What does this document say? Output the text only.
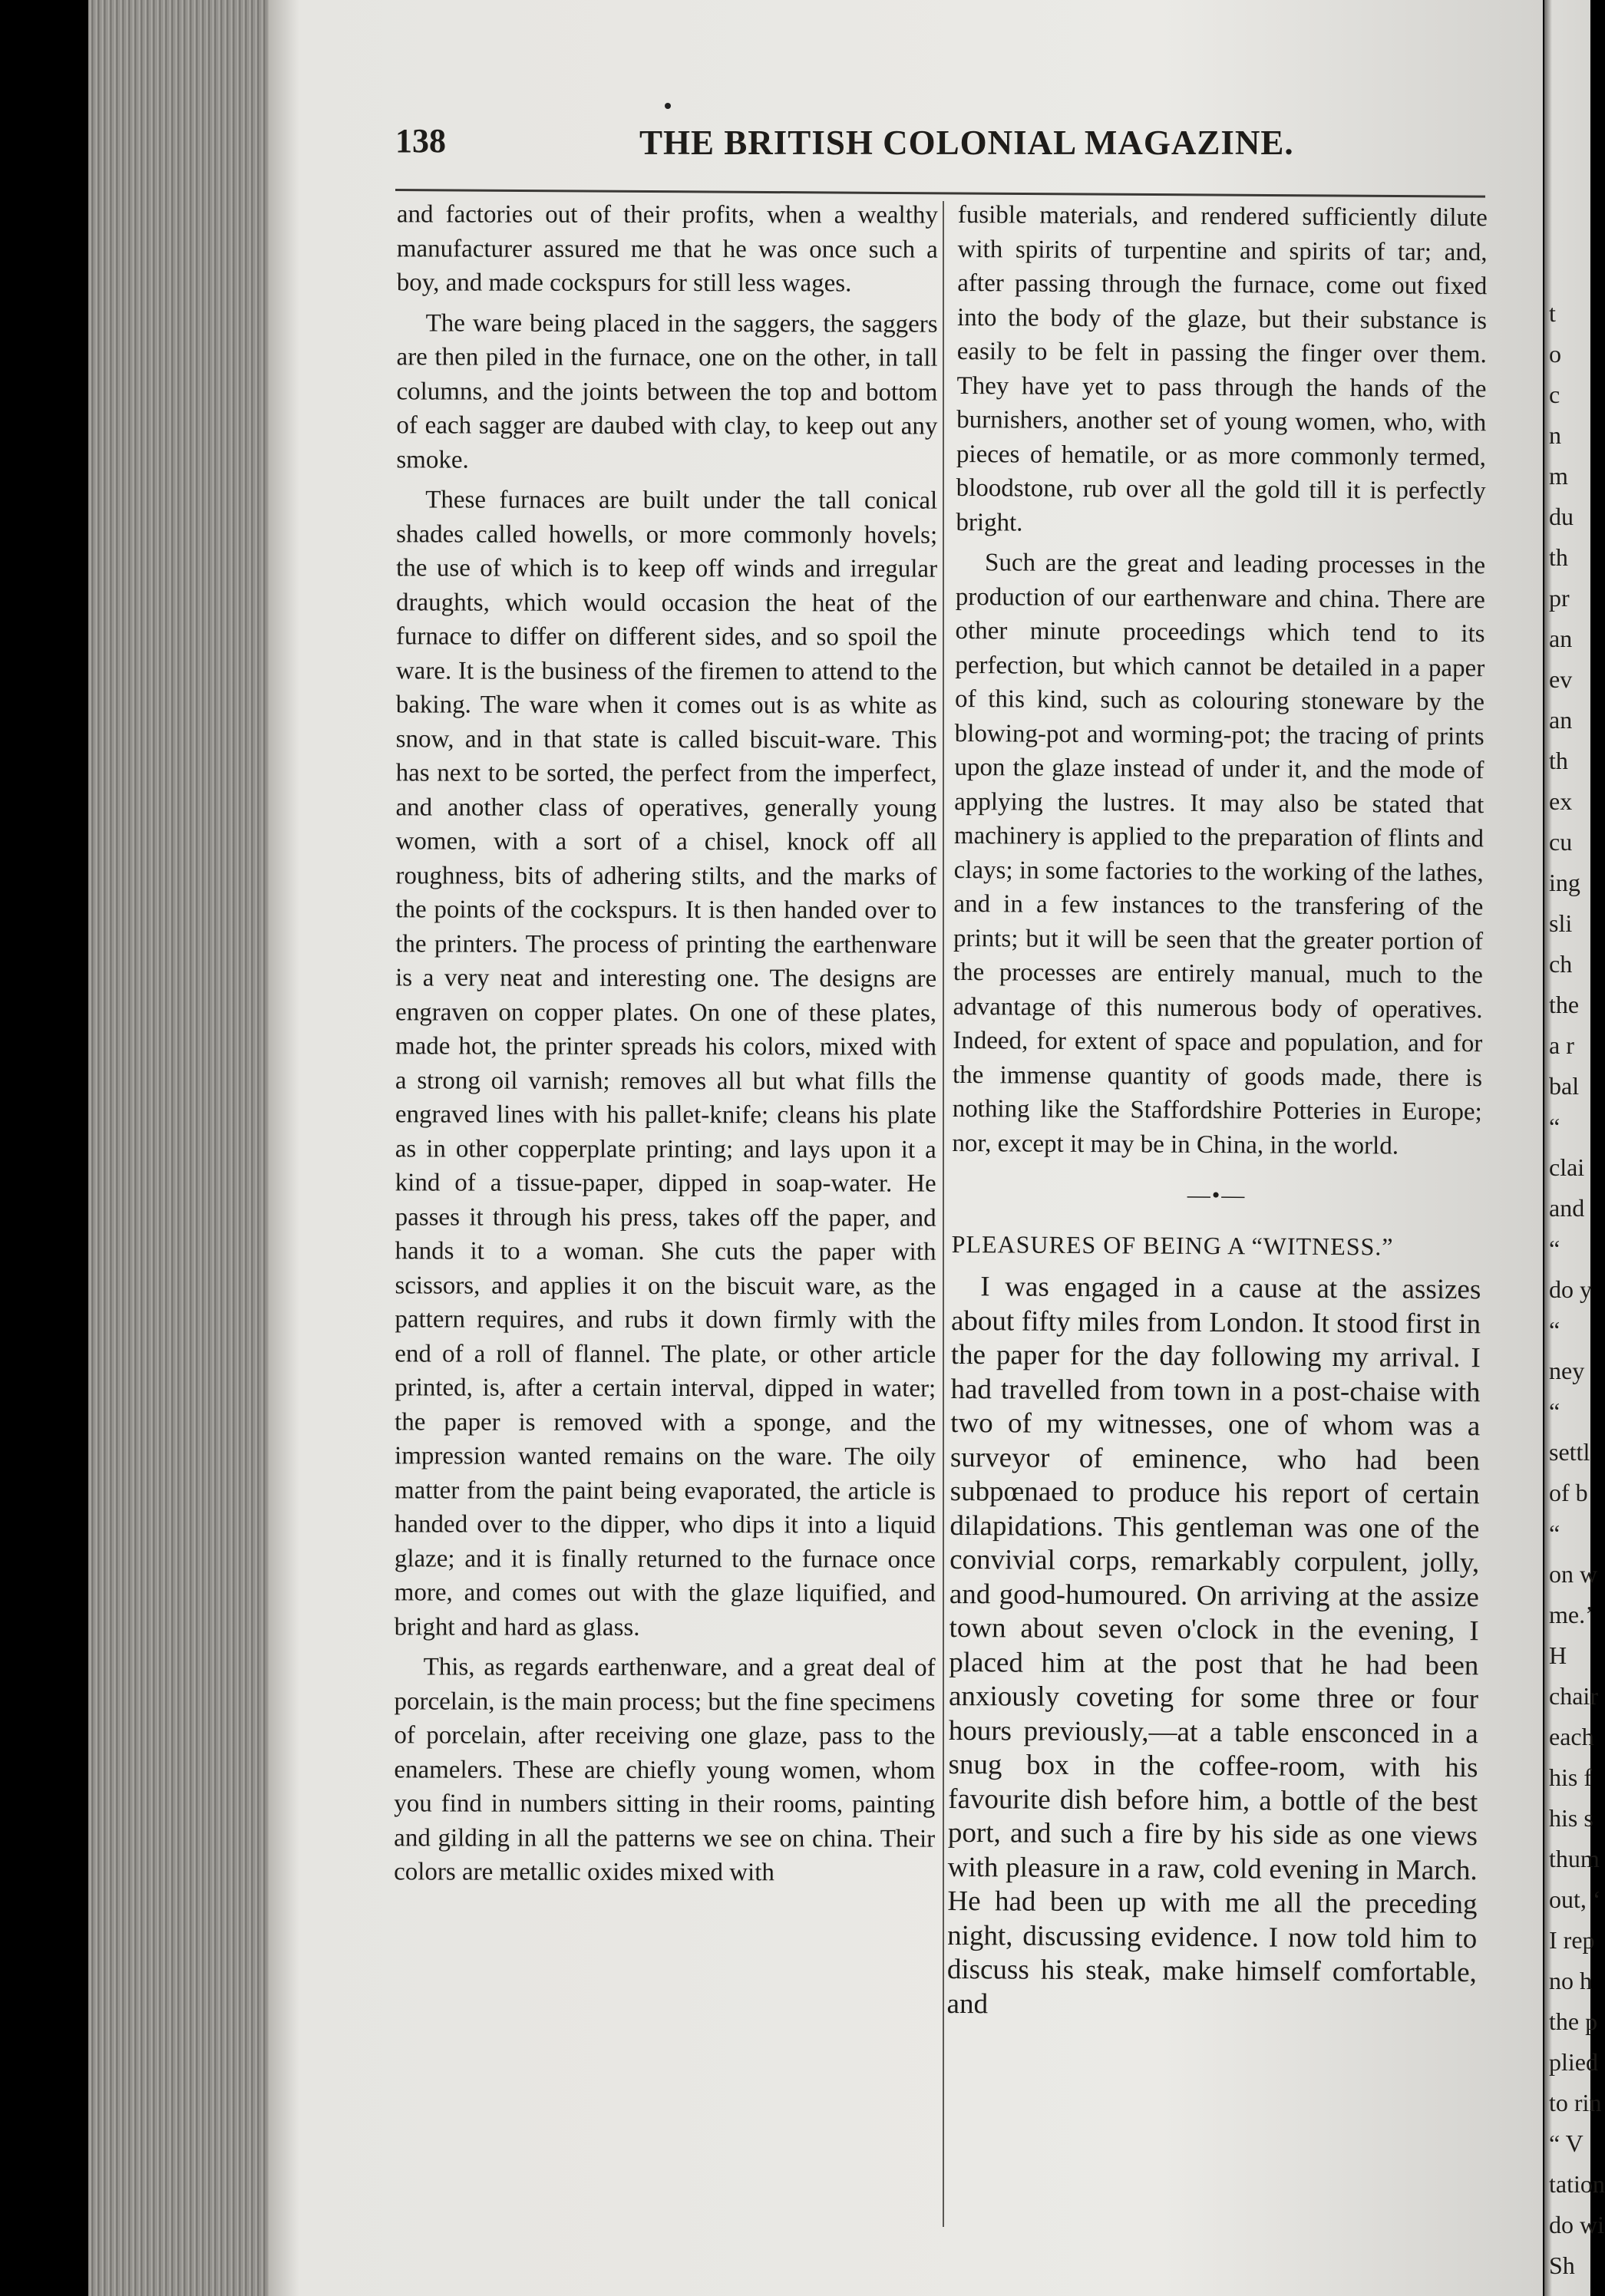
138	THE BRITISH COLONIAL MAGAZINE.

and factories out of their profits, when a wealthy manufacturer assured me that he was once such a boy, and made cockspurs for still less wages.

The ware being placed in the saggers, the saggers are then piled in the furnace, one on the other, in tall columns, and the joints between the top and bottom of each sagger are daubed with clay, to keep out any smoke.

These furnaces are built under the tall conical shades called howells, or more commonly hovels; the use of which is to keep off winds and irregular draughts, which would occasion the heat of the furnace to differ on different sides, and so spoil the ware. It is the business of the firemen to attend to the baking. The ware when it comes out is as white as snow, and in that state is called biscuit-ware. This has next to be sorted, the perfect from the imperfect, and another class of operatives, generally young women, with a sort of a chisel, knock off all roughness, bits of adhering stilts, and the marks of the points of the cockspurs. It is then handed over to the printers. The process of printing the earthenware is a very neat and interesting one. The designs are engraven on copper plates. On one of these plates, made hot, the printer spreads his colors, mixed with a strong oil varnish; removes all but what fills the engraved lines with his pallet-knife; cleans his plate as in other copperplate printing; and lays upon it a kind of a tissue-paper, dipped in soap-water. He passes it through his press, takes off the paper, and hands it to a woman. She cuts the paper with scissors, and applies it on the biscuit ware, as the pattern requires, and rubs it down firmly with the end of a roll of flannel. The plate, or other article printed, is, after a certain interval, dipped in water; the paper is removed with a sponge, and the impression wanted remains on the ware. The oily matter from the paint being evaporated, the article is handed over to the dipper, who dips it into a liquid glaze; and it is finally returned to the furnace once more, and comes out with the glaze liquified, and bright and hard as glass.

This, as regards earthenware, and a great deal of porcelain, is the main process; but the fine specimens of porcelain, after receiving one glaze, pass to the enamelers. These are chiefly young women, whom you find in numbers sitting in their rooms, painting and gilding in all the patterns we see on china. Their colors are metallic oxides mixed with

fusible materials, and rendered sufficiently dilute with spirits of turpentine and spirits of tar; and, after passing through the furnace, come out fixed into the body of the glaze, but their substance is easily to be felt in passing the finger over them. They have yet to pass through the hands of the burnishers, another set of young women, who, with pieces of hematile, or as more commonly termed, bloodstone, rub over all the gold till it is perfectly bright.

Such are the great and leading processes in the production of our earthenware and china. There are other minute proceedings which tend to its perfection, but which cannot be detailed in a paper of this kind, such as colouring stoneware by the blowing-pot and worming-pot; the tracing of prints upon the glaze instead of under it, and the mode of applying the lustres. It may also be stated that machinery is applied to the preparation of flints and clays; in some factories to the working of the lathes, and in a few instances to the transfering of the prints; but it will be seen that the greater portion of the processes are entirely manual, much to the advantage of this numerous body of operatives. Indeed, for extent of space and population, and for the immense quantity of goods made, there is nothing like the Staffordshire Potteries in Europe; nor, except it may be in China, in the world.

—•—
PLEASURES OF BEING A “WITNESS.”

I was engaged in a cause at the assizes about fifty miles from London. It stood first in the paper for the day following my arrival. I had travelled from town in a post-chaise with two of my witnesses, one of whom was a surveyor of eminence, who had been subpœnaed to produce his report of certain dilapidations. This gentleman was one of the convivial corps, remarkably corpulent, jolly, and good-humoured. On arriving at the assize town about seven o'clock in the evening, I placed him at the post that he had been anxiously coveting for some three or four hours previously,—at a table ensconced in a snug box in the coffee-room, with his favourite dish before him, a bottle of the best port, and such a fire by his side as one views with pleasure in a raw, cold evening in March. He had been up with me all the preceding night, discussing evidence. I now told him to discuss his steak, make himself comfortable, and

t
o
c
n
m
du
th
pr
an
ev
an
th
ex
cu
ing
sli
ch
the
a r
bal
“
clai
and
“
do y
“
ney
“
settl
of b
“
on w
me.’
H
chair
each
his f
his s
thum
out, ‘
I rep
no h
the p
plied
to rin
“ V
tation
do wi
Sh
